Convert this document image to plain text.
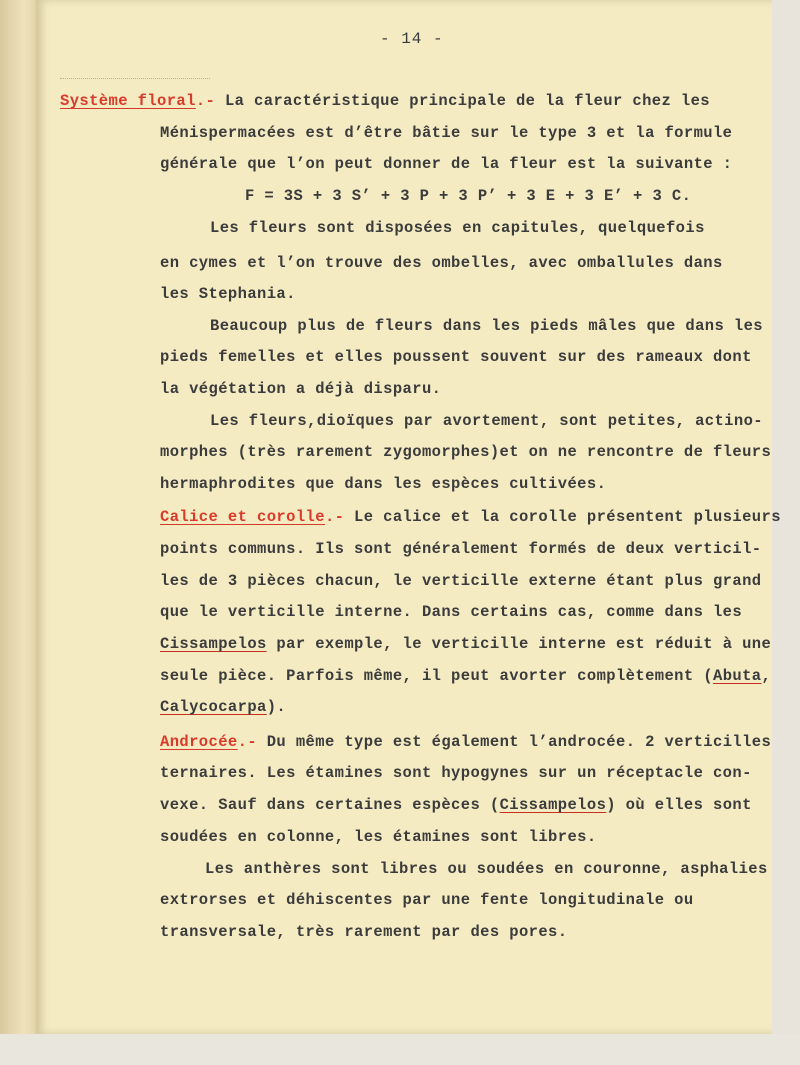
- 14 -
Système floral.- La caractéristique principale de la fleur chez les
Ménispermacées est d’être bâtie sur le type 3 et la formule
générale que l’on peut donner de la fleur est la suivante :
F = 3S + 3 S’ + 3 P + 3 P’ + 3 E + 3 E’ + 3 C.
Les fleurs sont disposées en capitules, quelquefois
en cymes et l’on trouve des ombelles, avec omballules dans
les Stephania.
Beaucoup plus de fleurs dans les pieds mâles que dans les
pieds femelles et elles poussent souvent sur des rameaux dont
la végétation a déjà disparu.
Les fleurs,dioïques par avortement, sont petites, actino-
morphes (très rarement zygomorphes)et on ne rencontre de fleurs
hermaphrodites que dans les espèces cultivées.
Calice et corolle.- Le calice et la corolle présentent plusieurs
points communs. Ils sont généralement formés de deux verticil-
les de 3 pièces chacun, le verticille externe étant plus grand
que le verticille interne. Dans certains cas, comme dans les
Cissampelos par exemple, le verticille interne est réduit à une
seule pièce. Parfois même, il peut avorter complètement (Abuta,
Calycocarpa).
Androcée.- Du même type est également l’androcée. 2 verticilles
ternaires. Les étamines sont hypogynes sur un réceptacle con-
vexe. Sauf dans certaines espèces (Cissampelos) où elles sont
soudées en colonne, les étamines sont libres.
Les anthères sont libres ou soudées en couronne, asphalies
extrorses et déhiscentes par une fente longitudinale ou
transversale, très rarement par des pores.
